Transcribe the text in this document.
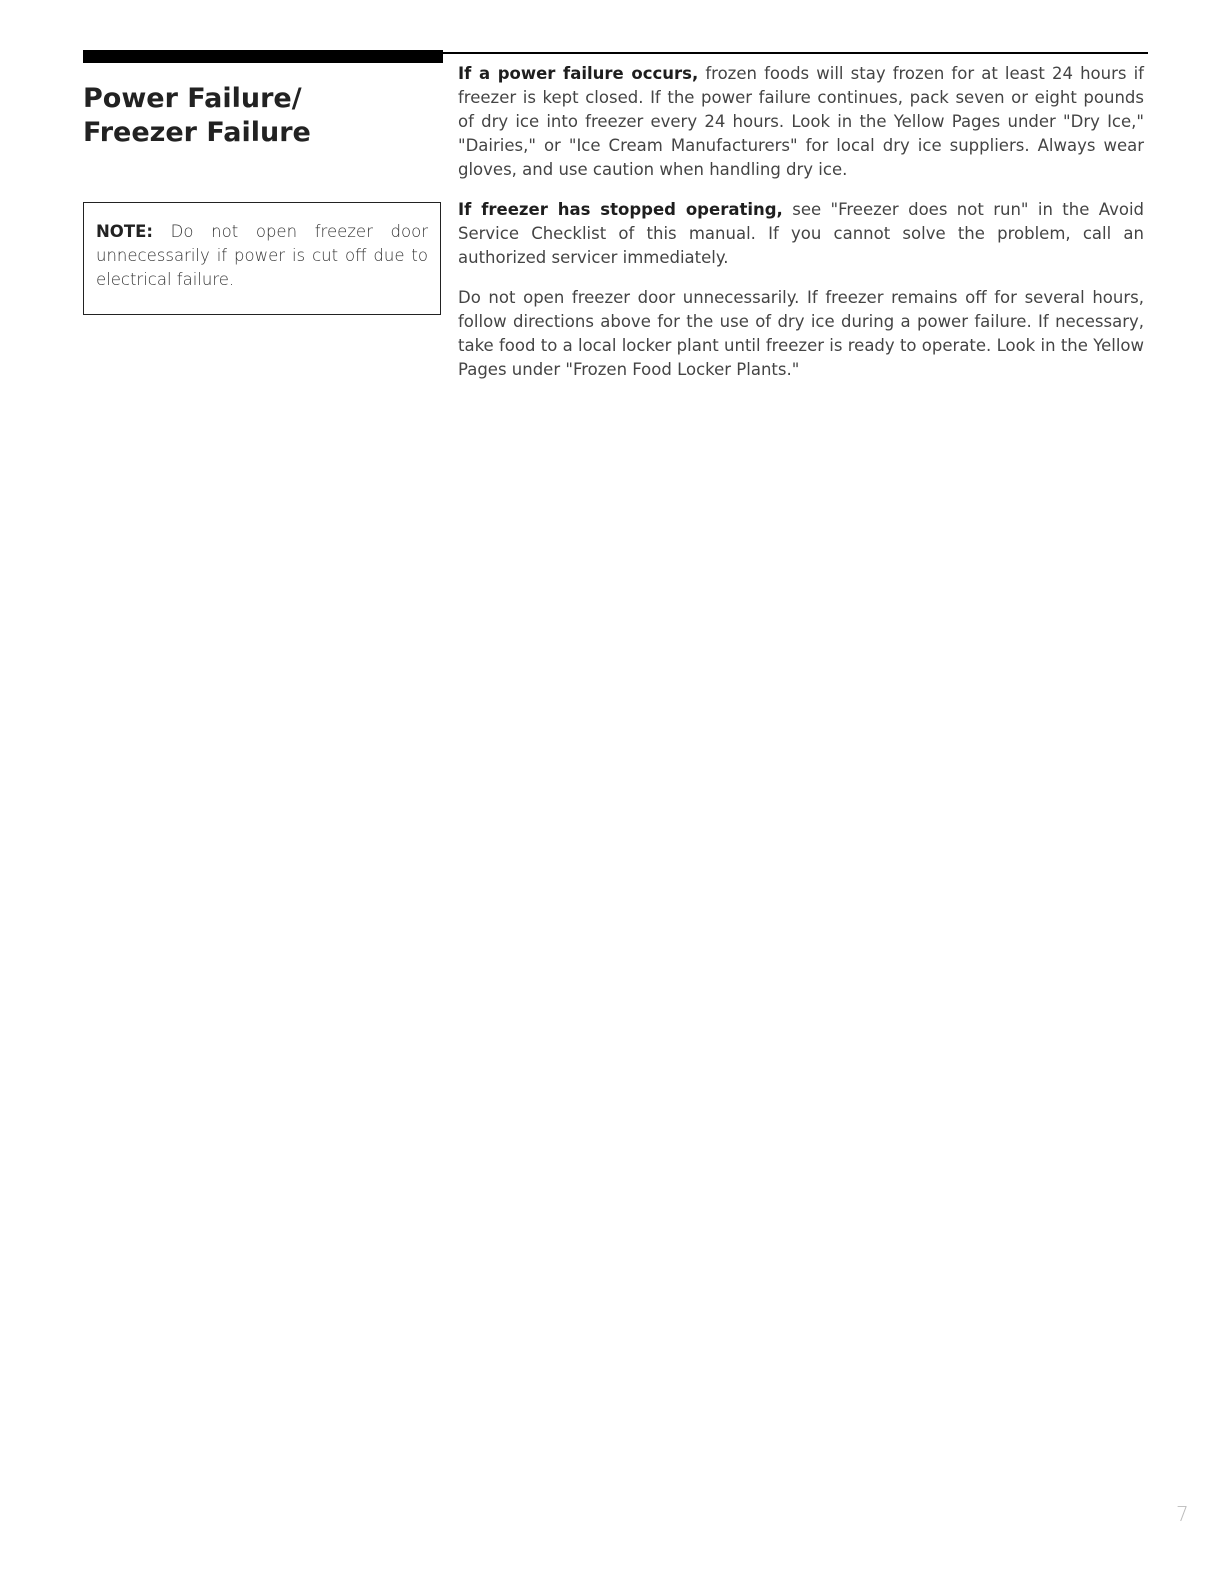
Power Failure/
Freezer Failure
NOTE: Do not open freezer door unnecessarily if power is cut off due to electrical failure.

If a power failure occurs, frozen foods will stay frozen for at least 24 hours if freezer is kept closed. If the power failure continues, pack seven or eight pounds of dry ice into freezer every 24 hours. Look in the Yellow Pages under "Dry Ice," "Dairies," or "Ice Cream Manufacturers" for local dry ice suppliers. Always wear gloves, and use caution when handling dry ice.

If freezer has stopped operating, see "Freezer does not run" in the Avoid Service Checklist of this manual. If you cannot solve the problem, call an authorized servicer immediately.

Do not open freezer door unnecessarily. If freezer remains off for several hours, follow directions above for the use of dry ice during a power failure. If necessary, take food to a local locker plant until freezer is ready to operate. Look in the Yellow Pages under "Frozen Food Locker Plants."

7
